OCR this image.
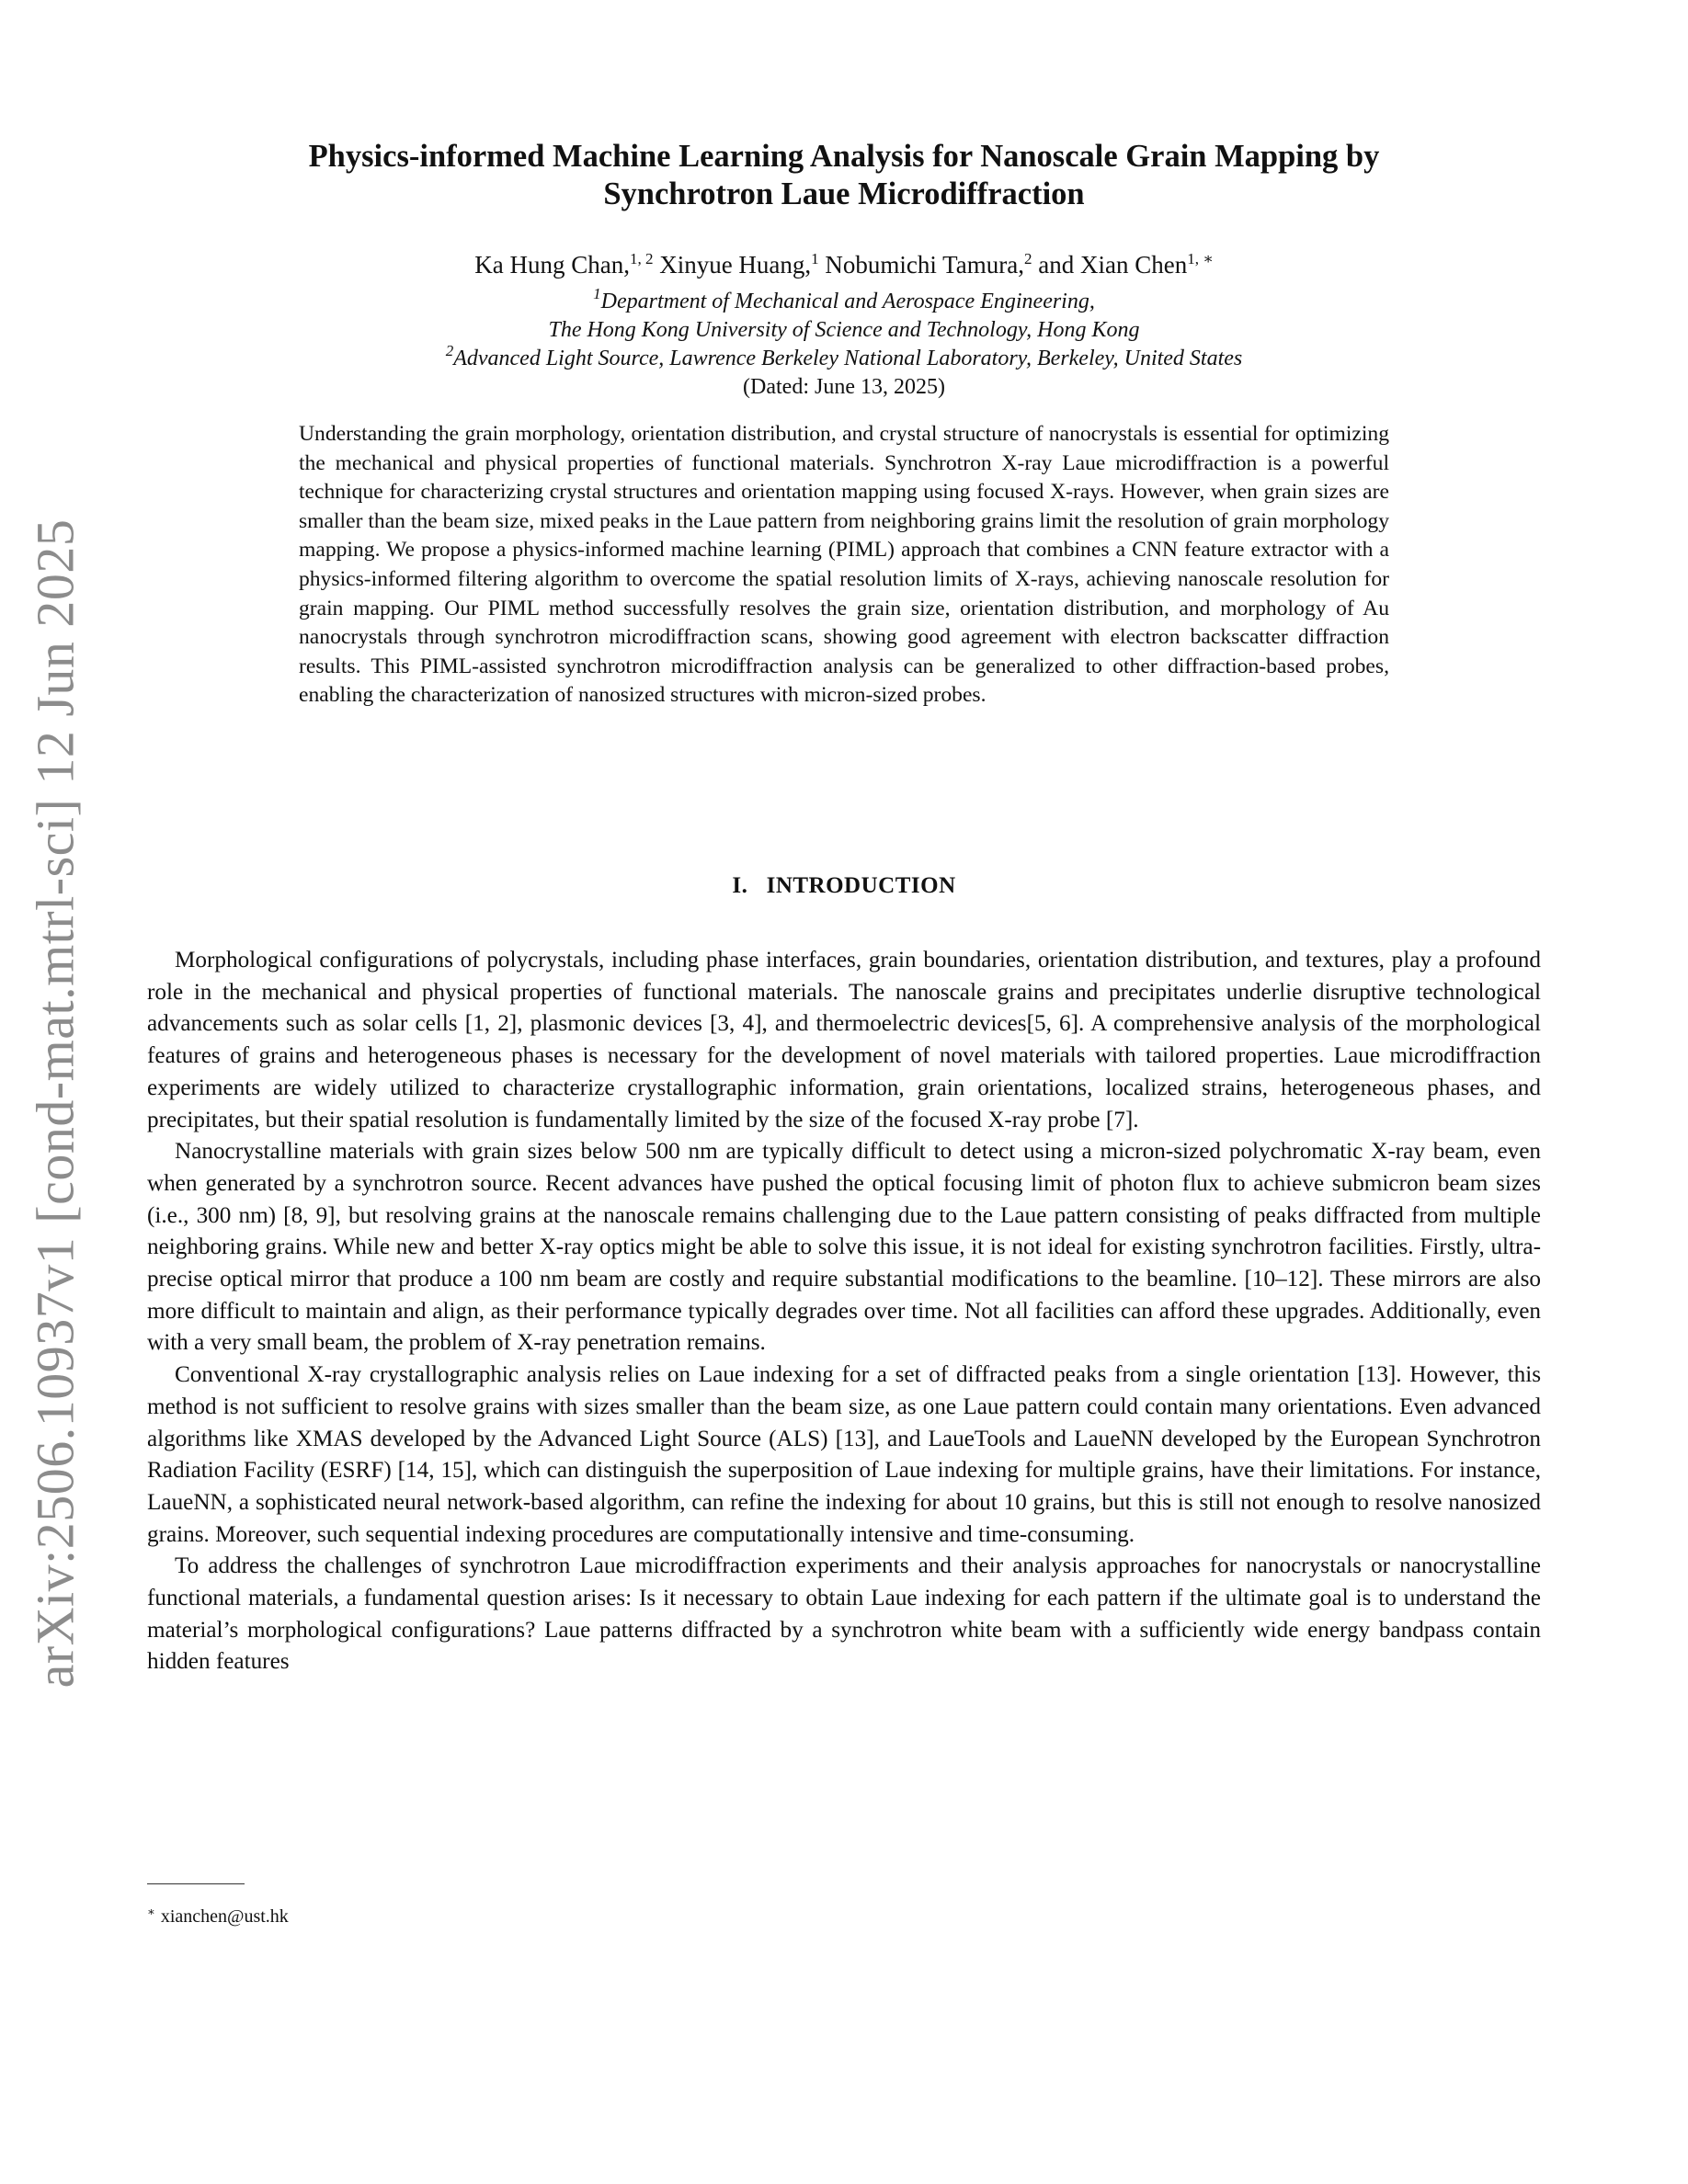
arXiv:2506.10937v1 [cond-mat.mtrl-sci] 12 Jun 2025
Physics-informed Machine Learning Analysis for Nanoscale Grain Mapping by
Synchrotron Laue Microdiffraction
Ka Hung Chan,$^{1, 2}$ Xinyue Huang,$^1$ Nobumichi Tamura,$^2$ and Xian Chen$^{1, ∗}$
$^1$Department of Mechanical and Aerospace Engineering,
The Hong Kong University of Science and Technology, Hong Kong
$^2$Advanced Light Source, Lawrence Berkeley National Laboratory, Berkeley, United States
(Dated: June 13, 2025)

Understanding the grain morphology, orientation distribution, and crystal structure of nanocrystals is essential for optimizing the mechanical and physical properties of functional materials. Synchrotron X-ray Laue microdiffraction is a powerful technique for characterizing crystal structures and orientation mapping using focused X-rays. However, when grain sizes are smaller than the beam size, mixed peaks in the Laue pattern from neighboring grains limit the resolution of grain morphology mapping. We propose a physics-informed machine learning (PIML) approach that combines a CNN feature extractor with a physics-informed filtering algorithm to overcome the spatial resolution limits of X-rays, achieving nanoscale resolution for grain mapping. Our PIML method successfully resolves the grain size, orientation distribution, and morphology of Au nanocrystals through synchrotron microdiffraction scans, showing good agreement with electron backscatter diffraction results. This PIML-assisted synchrotron microdiffraction analysis can be generalized to other diffraction-based probes, enabling the characterization of nanosized structures with micron-sized probes.

I. INTRODUCTION

Morphological configurations of polycrystals, including phase interfaces, grain boundaries, orientation distribution, and textures, play a profound role in the mechanical and physical properties of functional materials. The nanoscale grains and precipitates underlie disruptive technological advancements such as solar cells [1, 2], plasmonic devices [3, 4], and thermoelectric devices[5, 6]. A comprehensive analysis of the morphological features of grains and heterogeneous phases is necessary for the development of novel materials with tailored properties. Laue microdiffraction experiments are widely utilized to characterize crystallographic information, grain orientations, localized strains, heterogeneous phases, and precipitates, but their spatial resolution is fundamentally limited by the size of the focused X-ray probe [7].

Nanocrystalline materials with grain sizes below 500 nm are typically difficult to detect using a micron-sized polychromatic X-ray beam, even when generated by a synchrotron source. Recent advances have pushed the optical focusing limit of photon flux to achieve submicron beam sizes (i.e., 300 nm) [8, 9], but resolving grains at the nanoscale remains challenging due to the Laue pattern consisting of peaks diffracted from multiple neighboring grains. While new and better X-ray optics might be able to solve this issue, it is not ideal for existing synchrotron facilities. Firstly, ultra-precise optical mirror that produce a 100 nm beam are costly and require substantial modifications to the beamline. [10–12]. These mirrors are also more difficult to maintain and align, as their performance typically degrades over time. Not all facilities can afford these upgrades. Additionally, even with a very small beam, the problem of X-ray penetration remains.

Conventional X-ray crystallographic analysis relies on Laue indexing for a set of diffracted peaks from a single orientation [13]. However, this method is not sufficient to resolve grains with sizes smaller than the beam size, as one Laue pattern could contain many orientations. Even advanced algorithms like XMAS developed by the Advanced Light Source (ALS) [13], and LaueTools and LaueNN developed by the European Synchrotron Radiation Facility (ESRF) [14, 15], which can distinguish the superposition of Laue indexing for multiple grains, have their limitations. For instance, LaueNN, a sophisticated neural network-based algorithm, can refine the indexing for about 10 grains, but this is still not enough to resolve nanosized grains. Moreover, such sequential indexing procedures are computationally intensive and time-consuming.

To address the challenges of synchrotron Laue microdiffraction experiments and their analysis approaches for nanocrystals or nanocrystalline functional materials, a fundamental question arises: Is it necessary to obtain Laue indexing for each pattern if the ultimate goal is to understand the material’s morphological configurations? Laue patterns diffracted by a synchrotron white beam with a sufficiently wide energy bandpass contain hidden features

∗ xianchen@ust.hk
